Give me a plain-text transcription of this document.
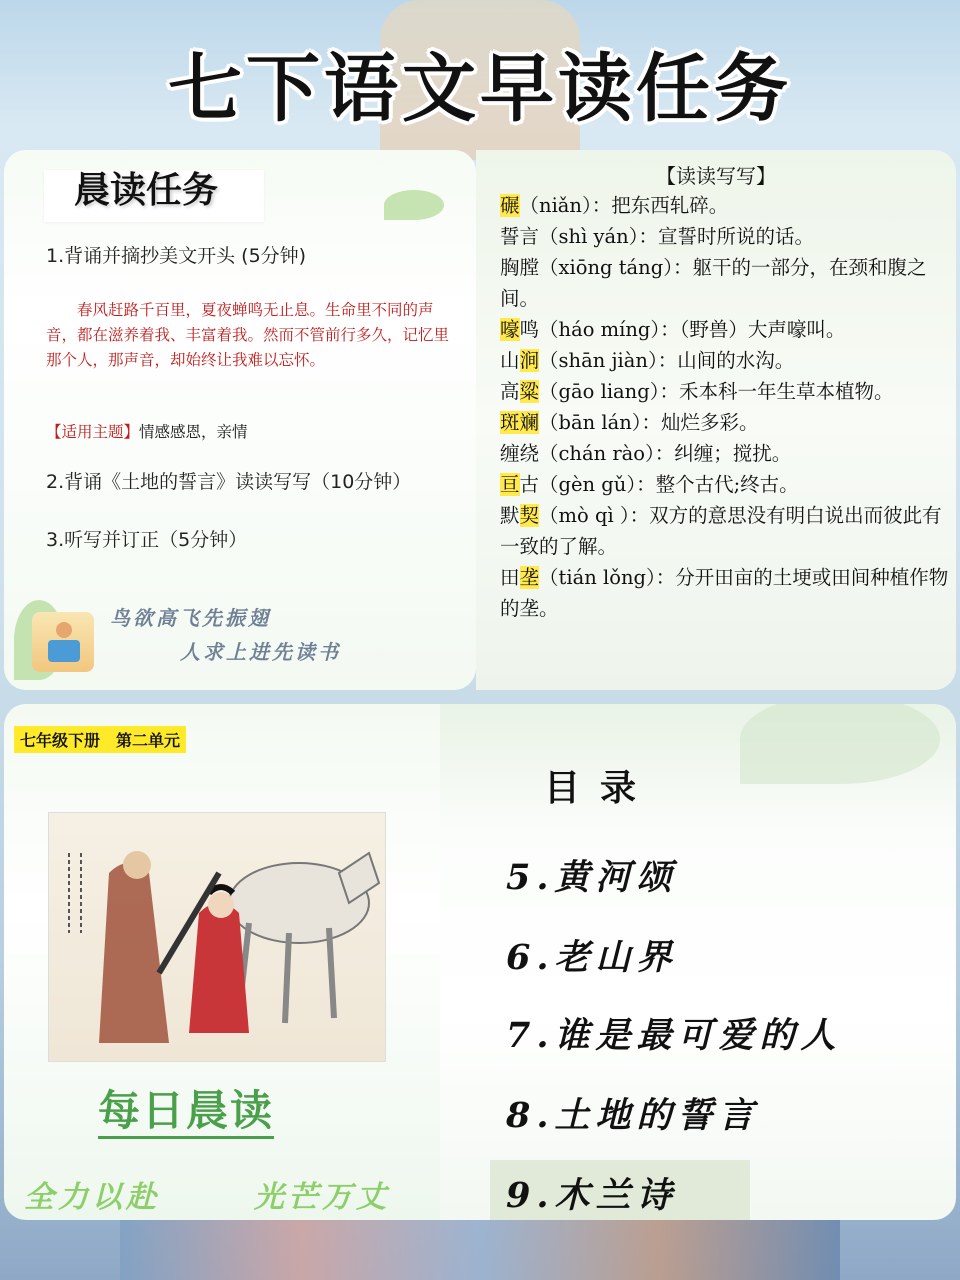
七下语文早读任务
晨读任务
1.背诵并摘抄美文开头 (5分钟)
春风赶路千百里，夏夜蝉鸣无止息。生命里不同的声音，都在滋养着我、丰富着我。然而不管前行多久，记忆里那个人，那声音，却始终让我难以忘怀。
【适用主题】情感感恩，亲情
2.背诵《土地的誓言》读读写写（10分钟）
3.听写并订正（5分钟）
鸟欲高飞先振翅
人求上进先读书
【读读写写】
碾（niǎn）：把东西轧碎。
誓言（shì yán）：宣誓时所说的话。
胸膛（xiōng táng）：躯干的一部分，在颈和腹之间。
嚎鸣（háo míng）：（野兽）大声嚎叫。
山涧（shān jiàn）：山间的水沟。
高粱（gāo liang）：禾本科一年生草本植物。
斑斓（bān lán）：灿烂多彩。
缠绕（chán rào）：纠缠；搅扰。
亘古（gèn gǔ）：整个古代;终古。
默契（mò qì ）：双方的意思没有明白说出而彼此有一致的了解。
田垄（tián lǒng）：分开田亩的土埂或田间种植作物的垄。
七年级下册　第二单元
每日晨读
全力以赴	光芒万丈
目录
5.黄河颂
6.老山界
7.谁是最可爱的人
8.土地的誓言
9.木兰诗
